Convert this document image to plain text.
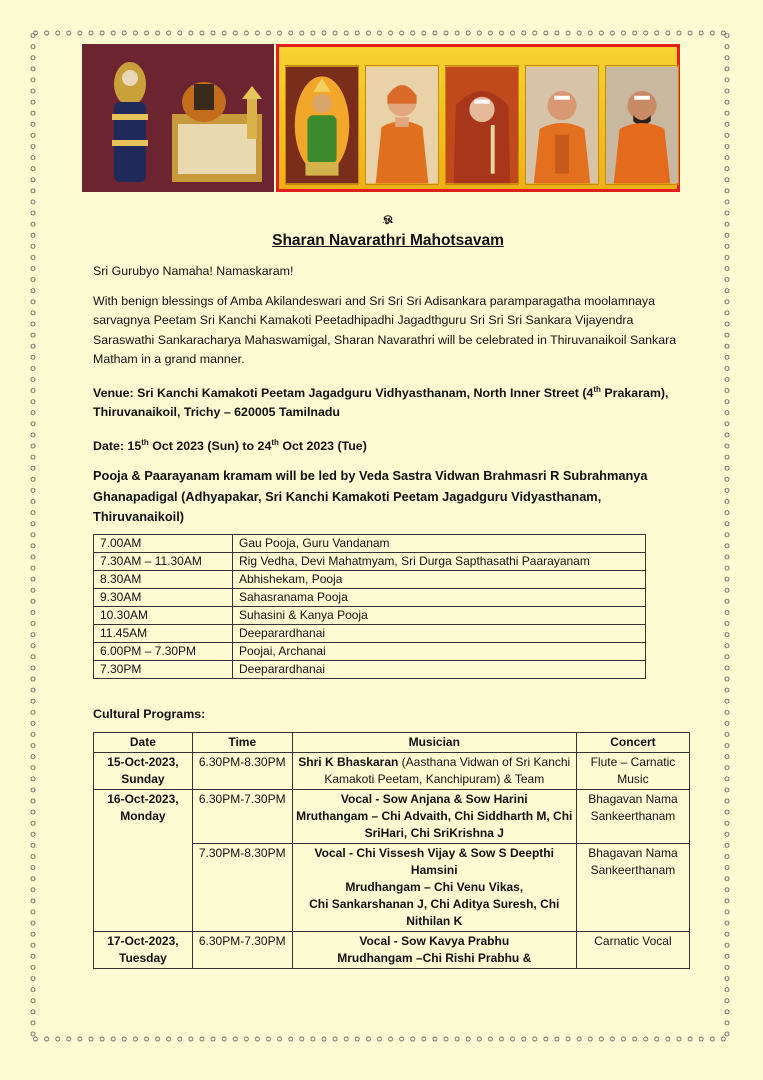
ஓ
Sharan Navarathri Mahotsavam

Sri Gurubyo Namaha! Namaskaram!

With benign blessings of Amba Akilandeswari and Sri Sri Sri Adisankara paramparagatha moolamnaya sarvagnya Peetam Sri Kanchi Kamakoti Peetadhipadhi Jagadthguru Sri Sri Sri Sankara Vijayendra Saraswathi Sankaracharya Mahaswamigal, Sharan Navarathri will be celebrated in Thiruvanaikoil Sankara Matham in a grand manner.

Venue: Sri Kanchi Kamakoti Peetam Jagadguru Vidhyasthanam, North Inner Street (4th Prakaram), Thiruvanaikoil, Trichy – 620005 Tamilnadu

Date: 15th Oct 2023 (Sun) to 24th Oct 2023 (Tue)

Pooja & Paarayanam kramam will be led by Veda Sastra Vidwan Brahmasri R Subrahmanya Ghanapadigal (Adhyapakar, Sri Kanchi Kamakoti Peetam Jagadguru Vidyasthanam, Thiruvanaikoil)

7.00AM	Gau Pooja, Guru Vandanam
7.30AM – 11.30AM	Rig Vedha, Devi Mahatmyam, Sri Durga Sapthasathi Paarayanam
8.30AM	Abhishekam, Pooja
9.30AM	Sahasranama Pooja
10.30AM	Suhasini & Kanya Pooja
11.45AM	Deeparardhanai
6.00PM – 7.30PM	Poojai, Archanai
7.30PM	Deeparardhanai

Cultural Programs:

Date	Time	Musician	Concert
15-Oct-2023, Sunday	6.30PM-8.30PM	Shri K Bhaskaran (Aasthana Vidwan of Sri Kanchi Kamakoti Peetam, Kanchipuram) & Team	Flute – Carnatic Music
16-Oct-2023, Monday	6.30PM-7.30PM	Vocal - Sow Anjana & Sow Harini
Mruthangam – Chi Advaith, Chi Siddharth M, Chi SriHari, Chi SriKrishna J	Bhagavan Nama Sankeerthanam
	7.30PM-8.30PM	Vocal - Chi Vissesh Vijay & Sow S Deepthi Hamsini
Mrudhangam – Chi Venu Vikas,
Chi Sankarshanan J, Chi Aditya Suresh, Chi Nithilan K	Bhagavan Nama Sankeerthanam
17-Oct-2023, Tuesday	6.30PM-7.30PM	Vocal - Sow Kavya Prabhu
Mrudhangam –Chi Rishi Prabhu &	Carnatic Vocal
